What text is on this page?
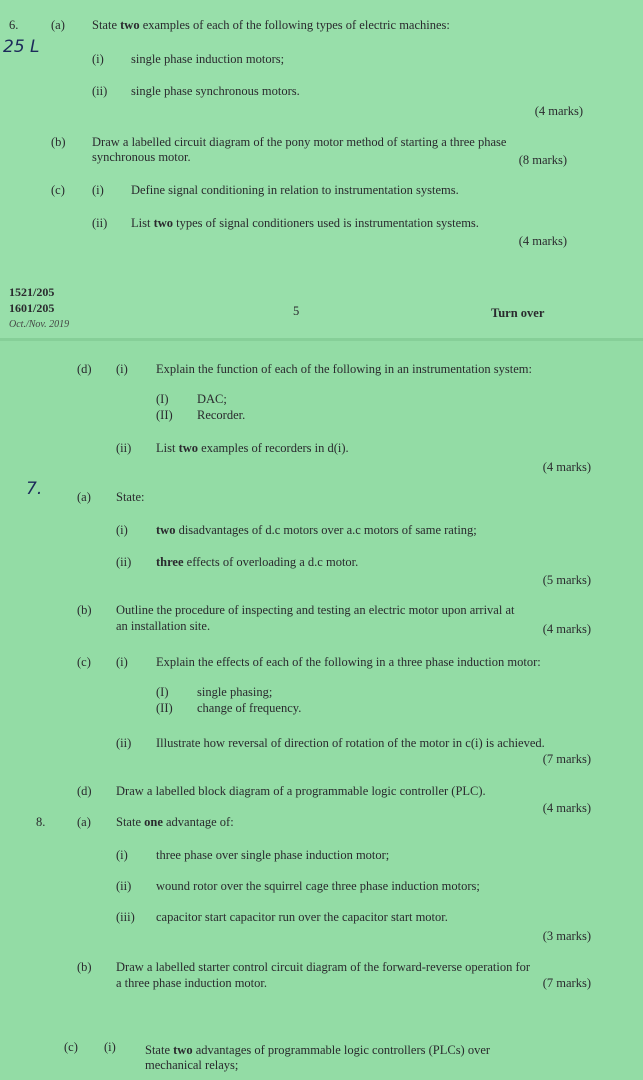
6.	(a) State two examples of each of the following types of electric machines:
25 L
(i) single phase induction motors;
(ii) single phase synchronous motors.
(4 marks)
(b) Draw a labelled circuit diagram of the pony motor method of starting a three phase
synchronous motor.	(8 marks)
(c) (i) Define signal conditioning in relation to instrumentation systems.
(ii) List two types of signal conditioners used is instrumentation systems.
(4 marks)
1521/205
1601/205
Oct./Nov. 2019
5	Turn over
(d) (i) Explain the function of each of the following in an instrumentation system:
(I) DAC;
(II) Recorder.
(ii) List two examples of recorders in d(i).
(4 marks)
7.	(a) State:
(i) two disadvantages of d.c motors over a.c motors of same rating;
(ii) three effects of overloading a d.c motor.
(5 marks)
(b) Outline the procedure of inspecting and testing an electric motor upon arrival at
an installation site.	(4 marks)
(c) (i) Explain the effects of each of the following in a three phase induction motor:
(I) single phasing;
(II) change of frequency.
(ii) Illustrate how reversal of direction of rotation of the motor in c(i) is achieved.
(7 marks)
(d) Draw a labelled block diagram of a programmable logic controller (PLC).
(4 marks)
8.	(a) State one advantage of:
(i) three phase over single phase induction motor;
(ii) wound rotor over the squirrel cage three phase induction motors;
(iii) capacitor start capacitor run over the capacitor start motor.
(3 marks)
(b) Draw a labelled starter control circuit diagram of the forward-reverse operation for
a three phase induction motor.	(7 marks)
(c) (i) State two advantages of programmable logic controllers (PLCs) over
mechanical relays;
